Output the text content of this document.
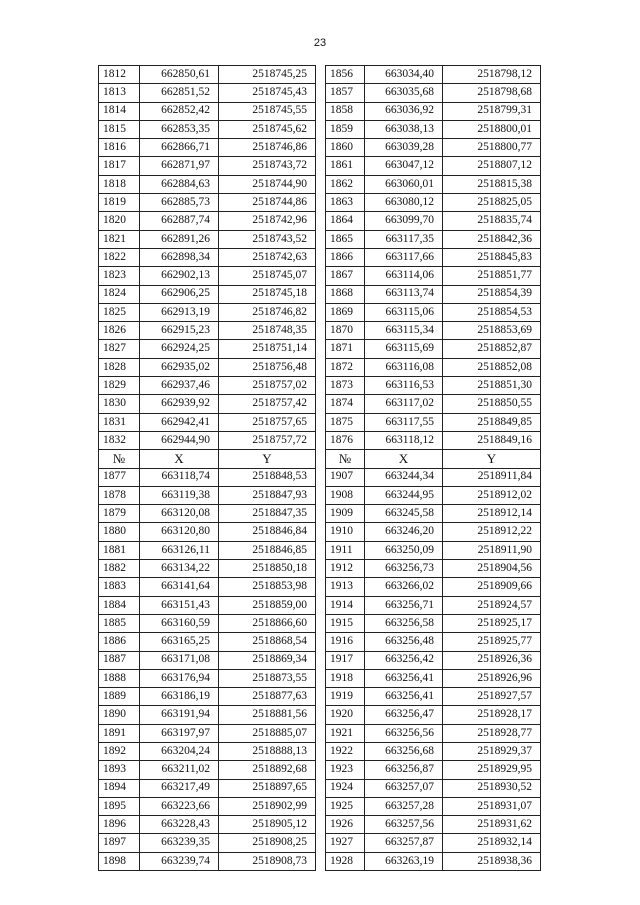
23
1812	662850,61	2518745,25		1856	663034,40	2518798,12
1813	662851,52	2518745,43		1857	663035,68	2518798,68
1814	662852,42	2518745,55		1858	663036,92	2518799,31
1815	662853,35	2518745,62		1859	663038,13	2518800,01
1816	662866,71	2518746,86		1860	663039,28	2518800,77
1817	662871,97	2518743,72		1861	663047,12	2518807,12
1818	662884,63	2518744,90		1862	663060,01	2518815,38
1819	662885,73	2518744,86		1863	663080,12	2518825,05
1820	662887,74	2518742,96		1864	663099,70	2518835,74
1821	662891,26	2518743,52		1865	663117,35	2518842,36
1822	662898,34	2518742,63		1866	663117,66	2518845,83
1823	662902,13	2518745,07		1867	663114,06	2518851,77
1824	662906,25	2518745,18		1868	663113,74	2518854,39
1825	662913,19	2518746,82		1869	663115,06	2518854,53
1826	662915,23	2518748,35		1870	663115,34	2518853,69
1827	662924,25	2518751,14		1871	663115,69	2518852,87
1828	662935,02	2518756,48		1872	663116,08	2518852,08
1829	662937,46	2518757,02		1873	663116,53	2518851,30
1830	662939,92	2518757,42		1874	663117,02	2518850,55
1831	662942,41	2518757,65		1875	663117,55	2518849,85
1832	662944,90	2518757,72		1876	663118,12	2518849,16
№	X	Y		№	X	Y
1877	663118,74	2518848,53		1907	663244,34	2518911,84
1878	663119,38	2518847,93		1908	663244,95	2518912,02
1879	663120,08	2518847,35		1909	663245,58	2518912,14
1880	663120,80	2518846,84		1910	663246,20	2518912,22
1881	663126,11	2518846,85		1911	663250,09	2518911,90
1882	663134,22	2518850,18		1912	663256,73	2518904,56
1883	663141,64	2518853,98		1913	663266,02	2518909,66
1884	663151,43	2518859,00		1914	663256,71	2518924,57
1885	663160,59	2518866,60		1915	663256,58	2518925,17
1886	663165,25	2518868,54		1916	663256,48	2518925,77
1887	663171,08	2518869,34		1917	663256,42	2518926,36
1888	663176,94	2518873,55		1918	663256,41	2518926,96
1889	663186,19	2518877,63		1919	663256,41	2518927,57
1890	663191,94	2518881,56		1920	663256,47	2518928,17
1891	663197,97	2518885,07		1921	663256,56	2518928,77
1892	663204,24	2518888,13		1922	663256,68	2518929,37
1893	663211,02	2518892,68		1923	663256,87	2518929,95
1894	663217,49	2518897,65		1924	663257,07	2518930,52
1895	663223,66	2518902,99		1925	663257,28	2518931,07
1896	663228,43	2518905,12		1926	663257,56	2518931,62
1897	663239,35	2518908,25		1927	663257,87	2518932,14
1898	663239,74	2518908,73		1928	663263,19	2518938,36
